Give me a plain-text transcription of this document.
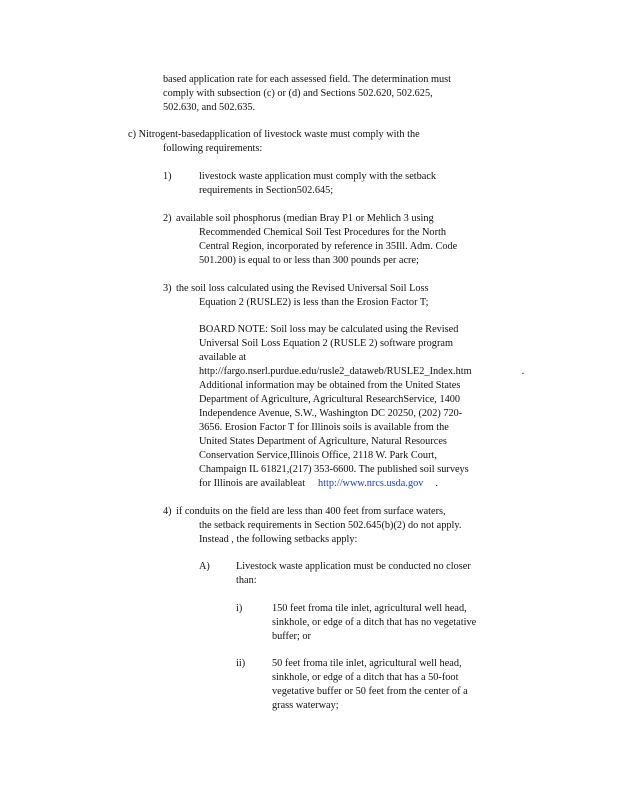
based application rate for each assessed field. The determination must
comply with subsection (c) or (d) and Sections 502.620, 502.625,
502.630, and 502.635.
c) Nitrogent-basedapplication of livestock waste must comply with the
following requirements:
1)	livestock waste application must comply with the setback
requirements in Section502.645;
2) available soil phosphorus (median Bray P1 or Mehlich 3 using
Recommended Chemical Soil Test Procedures for the North
Central Region, incorporated by reference in 35Ill. Adm. Code
501.200) is equal to or less than 300 pounds per acre;
3) the soil loss calculated using the Revised Universal Soil Loss
Equation 2 (RUSLE2) is less than the Erosion Factor T;
BOARD NOTE: Soil loss may be calculated using the Revised
Universal Soil Loss Equation 2 (RUSLE 2) software program
available at
http://fargo.nserl.purdue.edu/rusle2_dataweb/RUSLE2_Index.htm	.
Additional information may be obtained from the United States
Department of Agriculture, Agricultural ResearchService, 1400
Independence Avenue, S.W., Washington DC 20250, (202) 720-
3656. Erosion Factor T for Illinois soils is available from the
United States Department of Agriculture, Natural Resources
Conservation Service,Illinois Office, 2118 W. Park Court,
Champaign IL 61821,(217) 353-6600. The published soil surveys
for Illinois are availableat http://www.nrcs.usda.gov .
4) if conduits on the field are less than 400 feet from surface waters,
the setback requirements in Section 502.645(b)(2) do not apply.
Instead , the following setbacks apply:
A)	Livestock waste application must be conducted no closer
than:
i)	150 feet froma tile inlet, agricultural well head,
sinkhole, or edge of a ditch that has no vegetative
buffer; or
ii)	50 feet froma tile inlet, agricultural well head,
sinkhole, or edge of a ditch that has a 50-foot
vegetative buffer or 50 feet from the center of a
grass waterway;
